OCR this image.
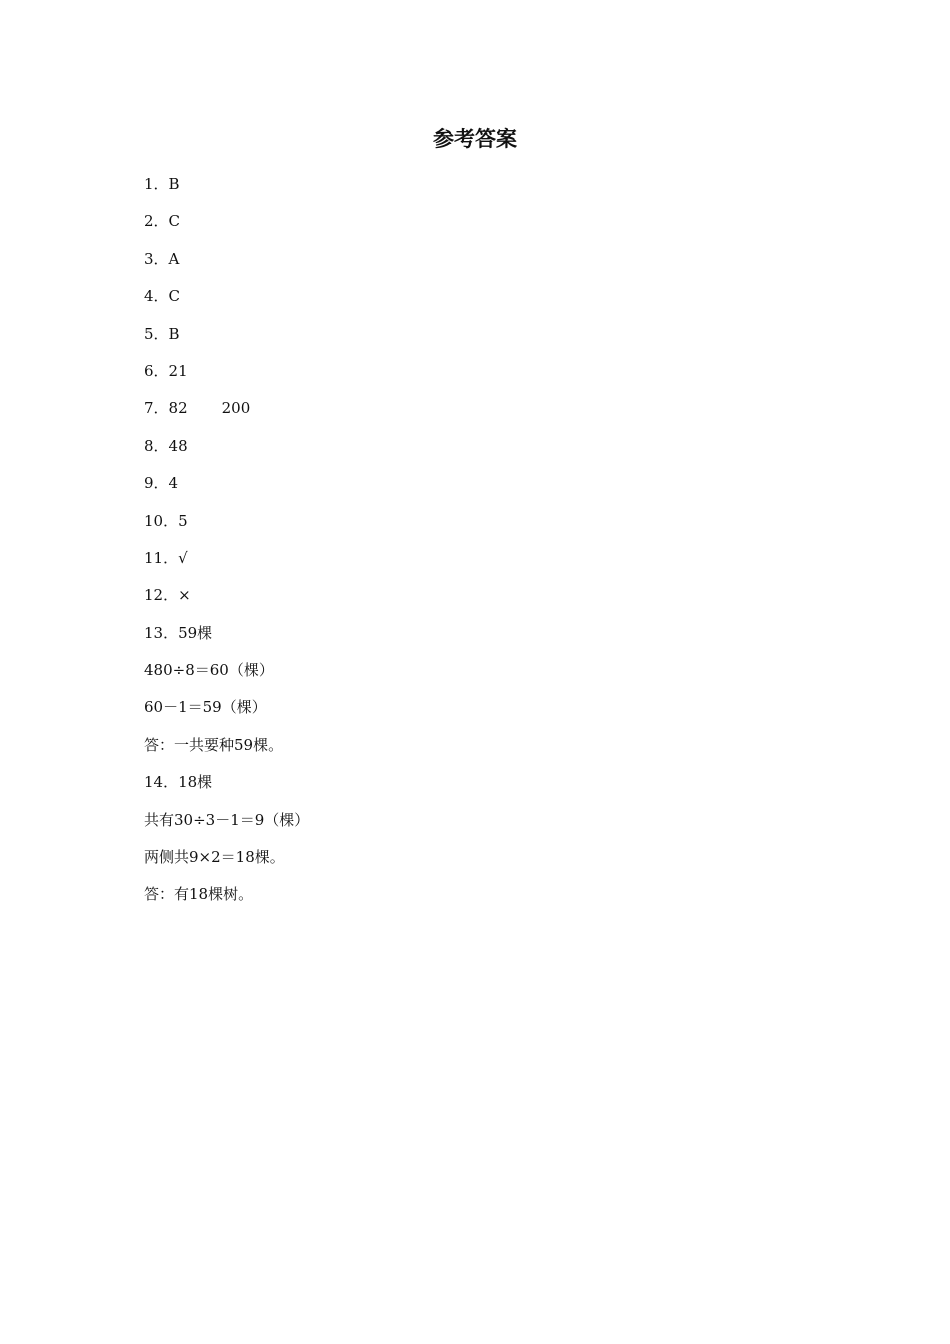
参考答案
1．B
2．C
3．A
4．C
5．B
6．21
7．82 200
8．48
9．4
10．5
11．√
12．×
13．59棵
480÷8＝60（棵）
60－1＝59（棵）
答：一共要种59棵。
14．18棵
共有30÷3－1＝9（棵）
两侧共9×2＝18棵。
答：有18棵树。
